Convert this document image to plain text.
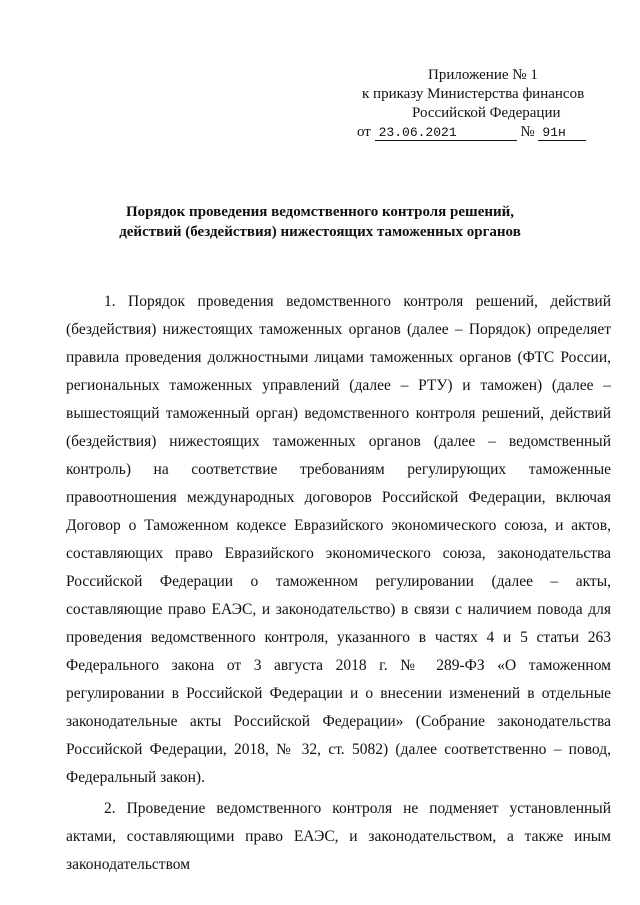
Приложение № 1
к приказу Министерства финансов
Российской Федерации
от 23.06.2021	№ 91н
Порядок проведения ведомственного контроля решений,
действий (бездействия) нижестоящих таможенных органов

1. Порядок проведения ведомственного контроля решений, действий (бездействия) нижестоящих таможенных органов (далее – Порядок) определяет правила проведения должностными лицами таможенных органов (ФТС России, региональных таможенных управлений (далее – РТУ) и таможен) (далее – вышестоящий таможенный орган) ведомственного контроля решений, действий (бездействия) нижестоящих таможенных органов (далее – ведомственный контроль) на соответствие требованиям регулирующих таможенные правоотношения международных договоров Российской Федерации, включая Договор о Таможенном кодексе Евразийского экономического союза, и актов, составляющих право Евразийского экономического союза, законодательства Российской Федерации о таможенном регулировании (далее – акты, составляющие право ЕАЭС, и законодательство) в связи с наличием повода для проведения ведомственного контроля, указанного в частях 4 и 5 статьи 263 Федерального закона от 3 августа 2018 г. № 289-ФЗ «О таможенном регулировании в Российской Федерации и о внесении изменений в отдельные законодательные акты Российской Федерации» (Собрание законодательства Российской Федерации, 2018, № 32, ст. 5082) (далее соответственно – повод, Федеральный закон).

2. Проведение ведомственного контроля не подменяет установленный актами, составляющими право ЕАЭС, и законодательством, а также иным законодательством
